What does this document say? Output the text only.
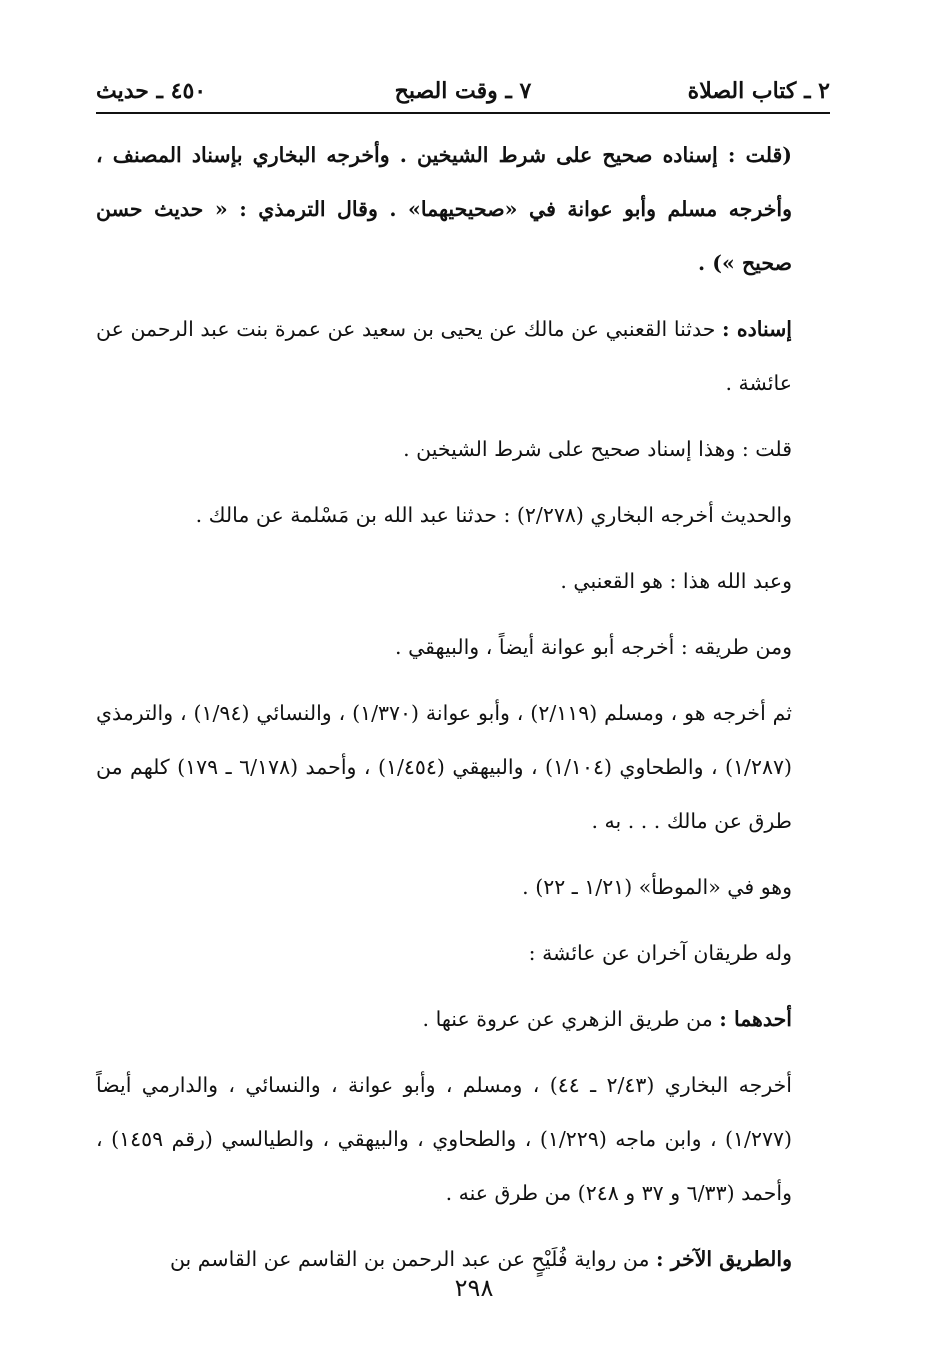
٢ ـ كتاب الصلاة
٧ ـ وقت الصبح
٤٥٠ ـ حديث

(قلت : إسناده صحيح على شرط الشيخين . وأخرجه البخاري بإسناد المصنف ، وأخرجه مسلم وأبو عوانة في «صحيحيهما» . وقال الترمذي : « حديث حسن صحيح ») .

إسناده : حدثنا القعنبي عن مالك عن يحيى بن سعيد عن عمرة بنت عبد الرحمن عن عائشة .

قلت : وهذا إسناد صحيح على شرط الشيخين .

والحديث أخرجه البخاري (٢/٢٧٨) : حدثنا عبد الله بن مَسْلمة عن مالك .

وعبد الله هذا : هو القعنبي .

ومن طريقه : أخرجه أبو عوانة أيضاً ، والبيهقي .

ثم أخرجه هو ، ومسلم (٢/١١٩) ، وأبو عوانة (١/٣٧٠) ، والنسائي (١/٩٤) ، والترمذي (١/٢٨٧) ، والطحاوي (١/١٠٤) ، والبيهقي (١/٤٥٤) ، وأحمد (٦/١٧٨ ـ ١٧٩) كلهم من طرق عن مالك . . . به .

وهو في «الموطأ» (١/٢١ ـ ٢٢) .

وله طريقان آخران عن عائشة :

أحدهما : من طريق الزهري عن عروة عنها .

أخرجه البخاري (٢/٤٣ ـ ٤٤) ، ومسلم ، وأبو عوانة ، والنسائي ، والدارمي أيضاً (١/٢٧٧) ، وابن ماجه (١/٢٢٩) ، والطحاوي ، والبيهقي ، والطيالسي (رقم ١٤٥٩) ، وأحمد (٦/٣٣ و ٣٧ و ٢٤٨) من طرق عنه .

والطريق الآخر : من رواية فُلَيْحٍ عن عبد الرحمن بن القاسم عن القاسم بن

٢٩٨
